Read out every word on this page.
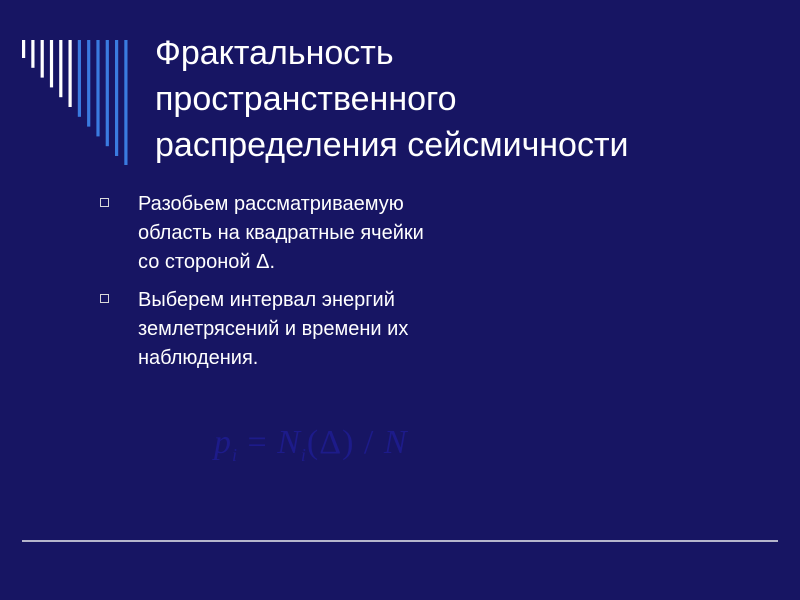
Фрактальность
пространственного
распределения сейсмичности
Разобьем рассматриваемую
область на квадратные ячейки
со стороной Δ.
Выберем интервал энергий
землетрясений и времени их
наблюдения.
$p_i = N_i(\Delta) / N$
